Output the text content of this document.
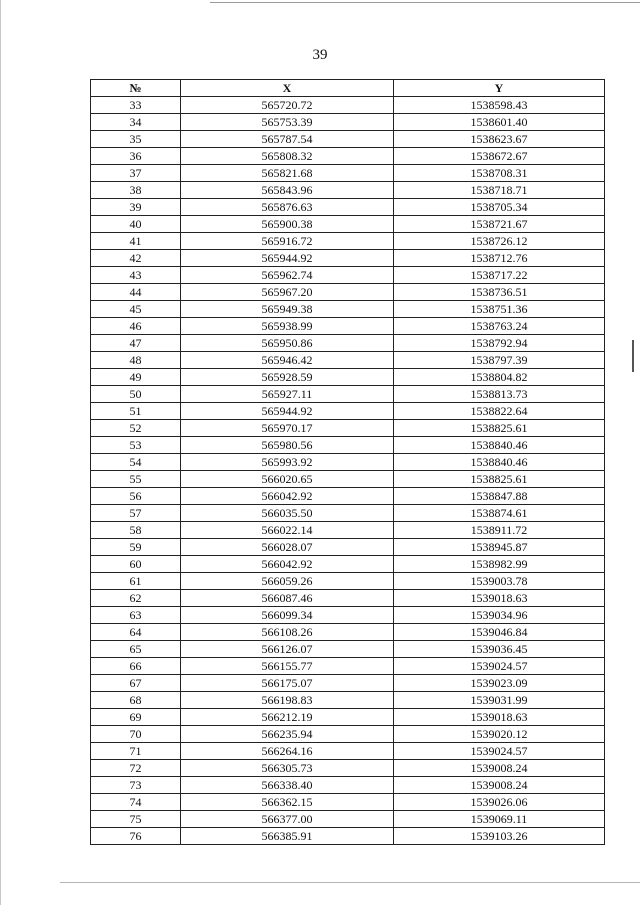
39
№	X	Y
33	565720.72	1538598.43
34	565753.39	1538601.40
35	565787.54	1538623.67
36	565808.32	1538672.67
37	565821.68	1538708.31
38	565843.96	1538718.71
39	565876.63	1538705.34
40	565900.38	1538721.67
41	565916.72	1538726.12
42	565944.92	1538712.76
43	565962.74	1538717.22
44	565967.20	1538736.51
45	565949.38	1538751.36
46	565938.99	1538763.24
47	565950.86	1538792.94
48	565946.42	1538797.39
49	565928.59	1538804.82
50	565927.11	1538813.73
51	565944.92	1538822.64
52	565970.17	1538825.61
53	565980.56	1538840.46
54	565993.92	1538840.46
55	566020.65	1538825.61
56	566042.92	1538847.88
57	566035.50	1538874.61
58	566022.14	1538911.72
59	566028.07	1538945.87
60	566042.92	1538982.99
61	566059.26	1539003.78
62	566087.46	1539018.63
63	566099.34	1539034.96
64	566108.26	1539046.84
65	566126.07	1539036.45
66	566155.77	1539024.57
67	566175.07	1539023.09
68	566198.83	1539031.99
69	566212.19	1539018.63
70	566235.94	1539020.12
71	566264.16	1539024.57
72	566305.73	1539008.24
73	566338.40	1539008.24
74	566362.15	1539026.06
75	566377.00	1539069.11
76	566385.91	1539103.26
